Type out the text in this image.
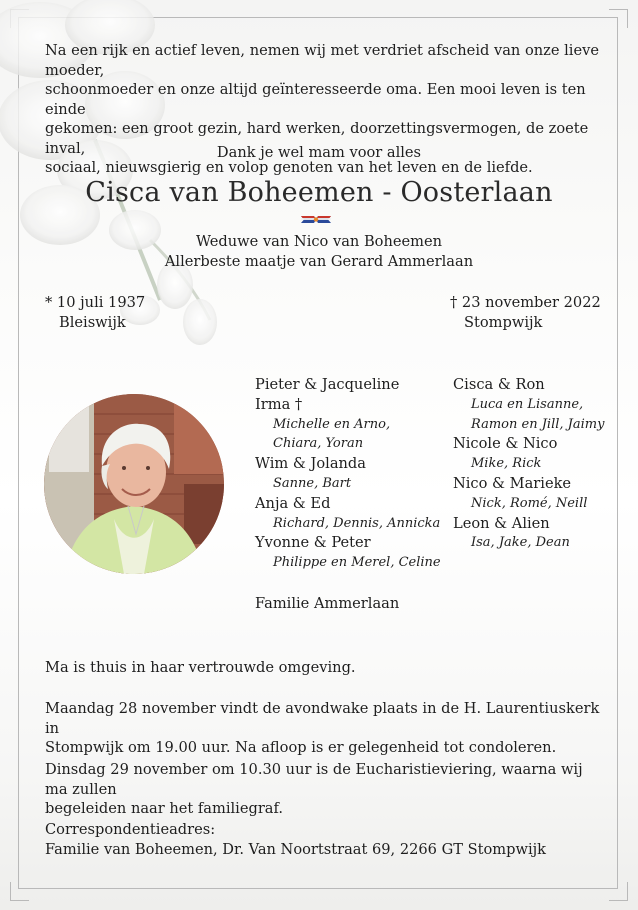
Na een rijk en actief leven, nemen wij met verdriet afscheid van onze lieve moeder,
schoonmoeder en onze altijd geïnteresseerde oma. Een mooi leven is ten einde
gekomen: een groot gezin, hard werken, doorzettingsvermogen, de zoete inval,
sociaal, nieuwsgierig en volop genoten van het leven en de liefde.
Dank je wel mam voor alles
Cisca van Boheemen - Oosterlaan
Weduwe van Nico van Boheemen
Allerbeste maatje van Gerard Ammerlaan
* 10 juli 1937
Bleiswijk
† 23 november 2022
Stompwijk
Pieter & Jacqueline
Irma †
Michelle en Arno,
Chiara, Yoran
Wim & Jolanda
Sanne, Bart
Anja & Ed
Richard, Dennis, Annicka
Yvonne & Peter
Philippe en Merel, Celine
Cisca & Ron
Luca en Lisanne,
Ramon en Jill, Jaimy
Nicole & Nico
Mike, Rick
Nico & Marieke
Nick, Romé, Neill
Leon & Alien
Isa, Jake, Dean
Familie Ammerlaan
Ma is thuis in haar vertrouwde omgeving.
Maandag 28 november vindt de avondwake plaats in de H. Laurentiuskerk in
Stompwijk om 19.00 uur. Na afloop is er gelegenheid tot condoleren.
Dinsdag 29 november om 10.30 uur is de Eucharistieviering, waarna wij ma zullen
begeleiden naar het familiegraf.
Correspondentieadres:
Familie van Boheemen, Dr. Van Noortstraat 69, 2266 GT Stompwijk
